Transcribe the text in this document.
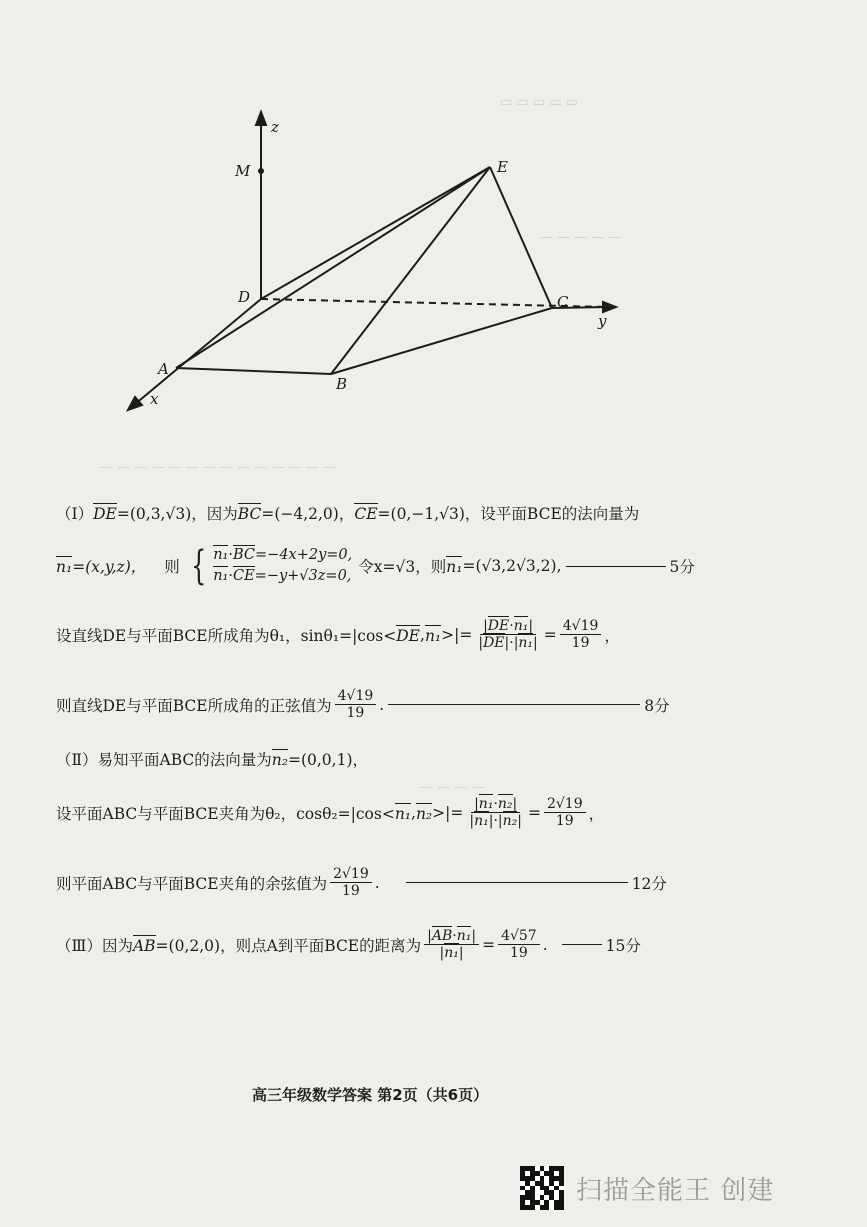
▭ ▭ ▭ ▭ ▭
— — — — —
— — — — — — — — — — — — — —
— — — —
z
M	E
D	C
y
A
B
x
（Ⅰ） DE =(0,3,√3)，因为 BC =(−4,2,0)， CE =(0,−1,√3)，设平面BCE的法向量为
n₁ =(x,y,z)， 则 { n₁·BC=−4x+2y=0,
n₁·CE=−y+√3z=0, 令x=√3，则 n₁ =(√3,2√3,2),	5分
设直线DE与平面BCE所成角为θ₁，sinθ₁=|cos< DE , n₁ >|= $\frac{\text{|DE·n₁|}}{\text{|DE|·|n₁|}} = \frac{4√19}{19}$ ，
则直线DE与平面BCE所成角的正弦值为 $\frac{4√19}{19}$ .	8分
（Ⅱ）易知平面ABC的法向量为 n₂ =(0,0,1)，
设平面ABC与平面BCE夹角为θ₂，cosθ₂=|cos< n₁ , n₂ >|= $\frac{\text{|n₁·n₂|}}{\text{|n₁|·|n₂|}} = \frac{2√19}{19}$ ，
则平面ABC与平面BCE夹角的余弦值为 $\frac{2√19}{19}$ .	12分
（Ⅲ）因为 AB =(0,2,0)，则点A到平面BCE的距离为 $\frac{\text{|AB·n₁|}}{\text{|n₁|}} = \frac{4√57}{19}$ .	15分
高三年级数学答案 第2页（共6页）
扫描全能王 创建
